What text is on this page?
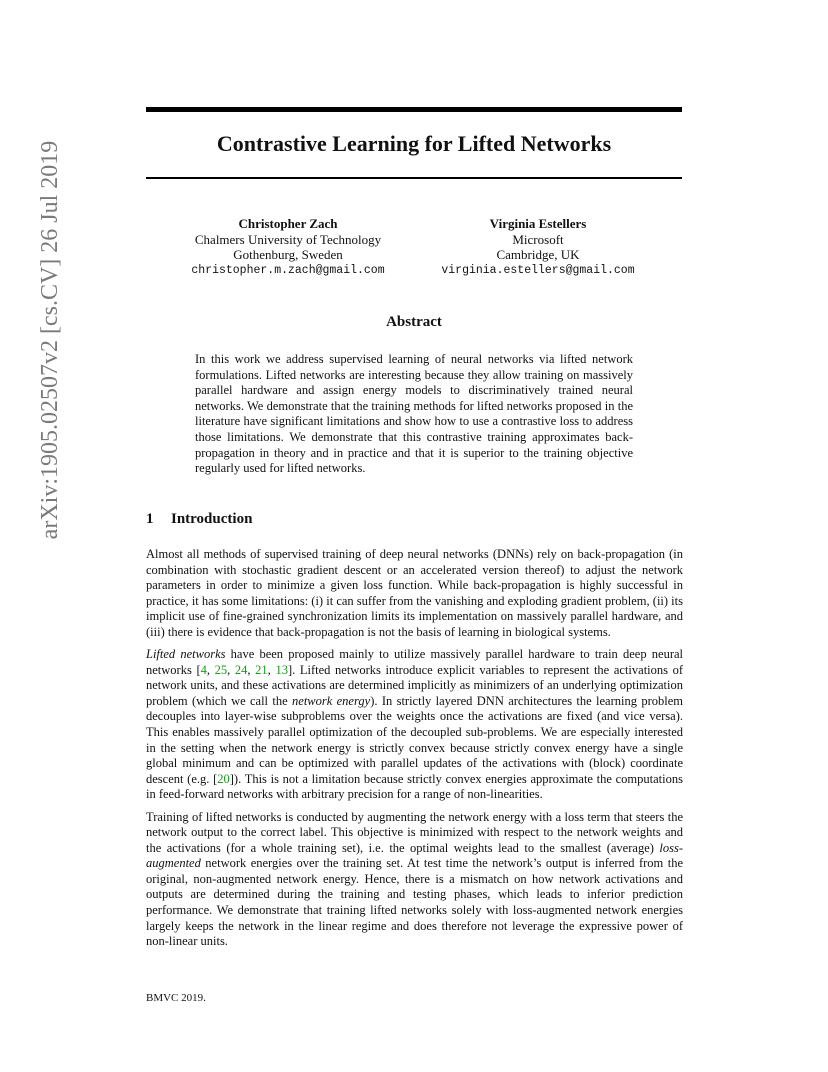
Contrastive Learning for Lifted Networks
arXiv:1905.02507v2 [cs.CV] 26 Jul 2019	Christopher Zach
Chalmers University of Technology
Gothenburg, Sweden
christopher.m.zach@gmail.com
Virginia Estellers
Microsoft
Cambridge, UK
virginia.estellers@gmail.com
Abstract

In this work we address supervised learning of neural networks via lifted network formulations. Lifted networks are interesting because they allow training on massively parallel hardware and assign energy models to discriminatively trained neural networks. We demonstrate that the training methods for lifted networks proposed in the literature have significant limitations and show how to use a contrastive loss to address those limitations. We demonstrate that this contrastive training approximates back-propagation in theory and in practice and that it is superior to the training objective regularly used for lifted networks.

1 Introduction

Almost all methods of supervised training of deep neural networks (DNNs) rely on back-propagation (in combination with stochastic gradient descent or an accelerated version thereof) to adjust the network parameters in order to minimize a given loss function. While back-propagation is highly successful in practice, it has some limitations: (i) it can suffer from the vanishing and exploding gradient problem, (ii) its implicit use of fine-grained synchronization limits its implementation on massively parallel hardware, and (iii) there is evidence that back-propagation is not the basis of learning in biological systems.

Lifted networks have been proposed mainly to utilize massively parallel hardware to train deep neural networks [4, 25, 24, 21, 13]. Lifted networks introduce explicit variables to represent the activations of network units, and these activations are determined implicitly as minimizers of an underlying optimization problem (which we call the network energy). In strictly layered DNN architectures the learning problem decouples into layer-wise subproblems over the weights once the activations are fixed (and vice versa). This enables massively parallel optimization of the decoupled sub-problems. We are especially interested in the setting when the network energy is strictly convex because strictly convex energy have a single global minimum and can be optimized with parallel updates of the activations with (block) coordinate descent (e.g. [20]). This is not a limitation because strictly convex energies approximate the computations in feed-forward networks with arbitrary precision for a range of non-linearities.

Training of lifted networks is conducted by augmenting the network energy with a loss term that steers the network output to the correct label. This objective is minimized with respect to the network weights and the activations (for a whole training set), i.e. the optimal weights lead to the smallest (average) loss-augmented network energies over the training set. At test time the network’s output is inferred from the original, non-augmented network energy. Hence, there is a mismatch on how network activations and outputs are determined during the training and testing phases, which leads to inferior prediction performance. We demonstrate that training lifted networks solely with loss-augmented network energies largely keeps the network in the linear regime and does therefore not leverage the expressive power of non-linear units.

BMVC 2019.
